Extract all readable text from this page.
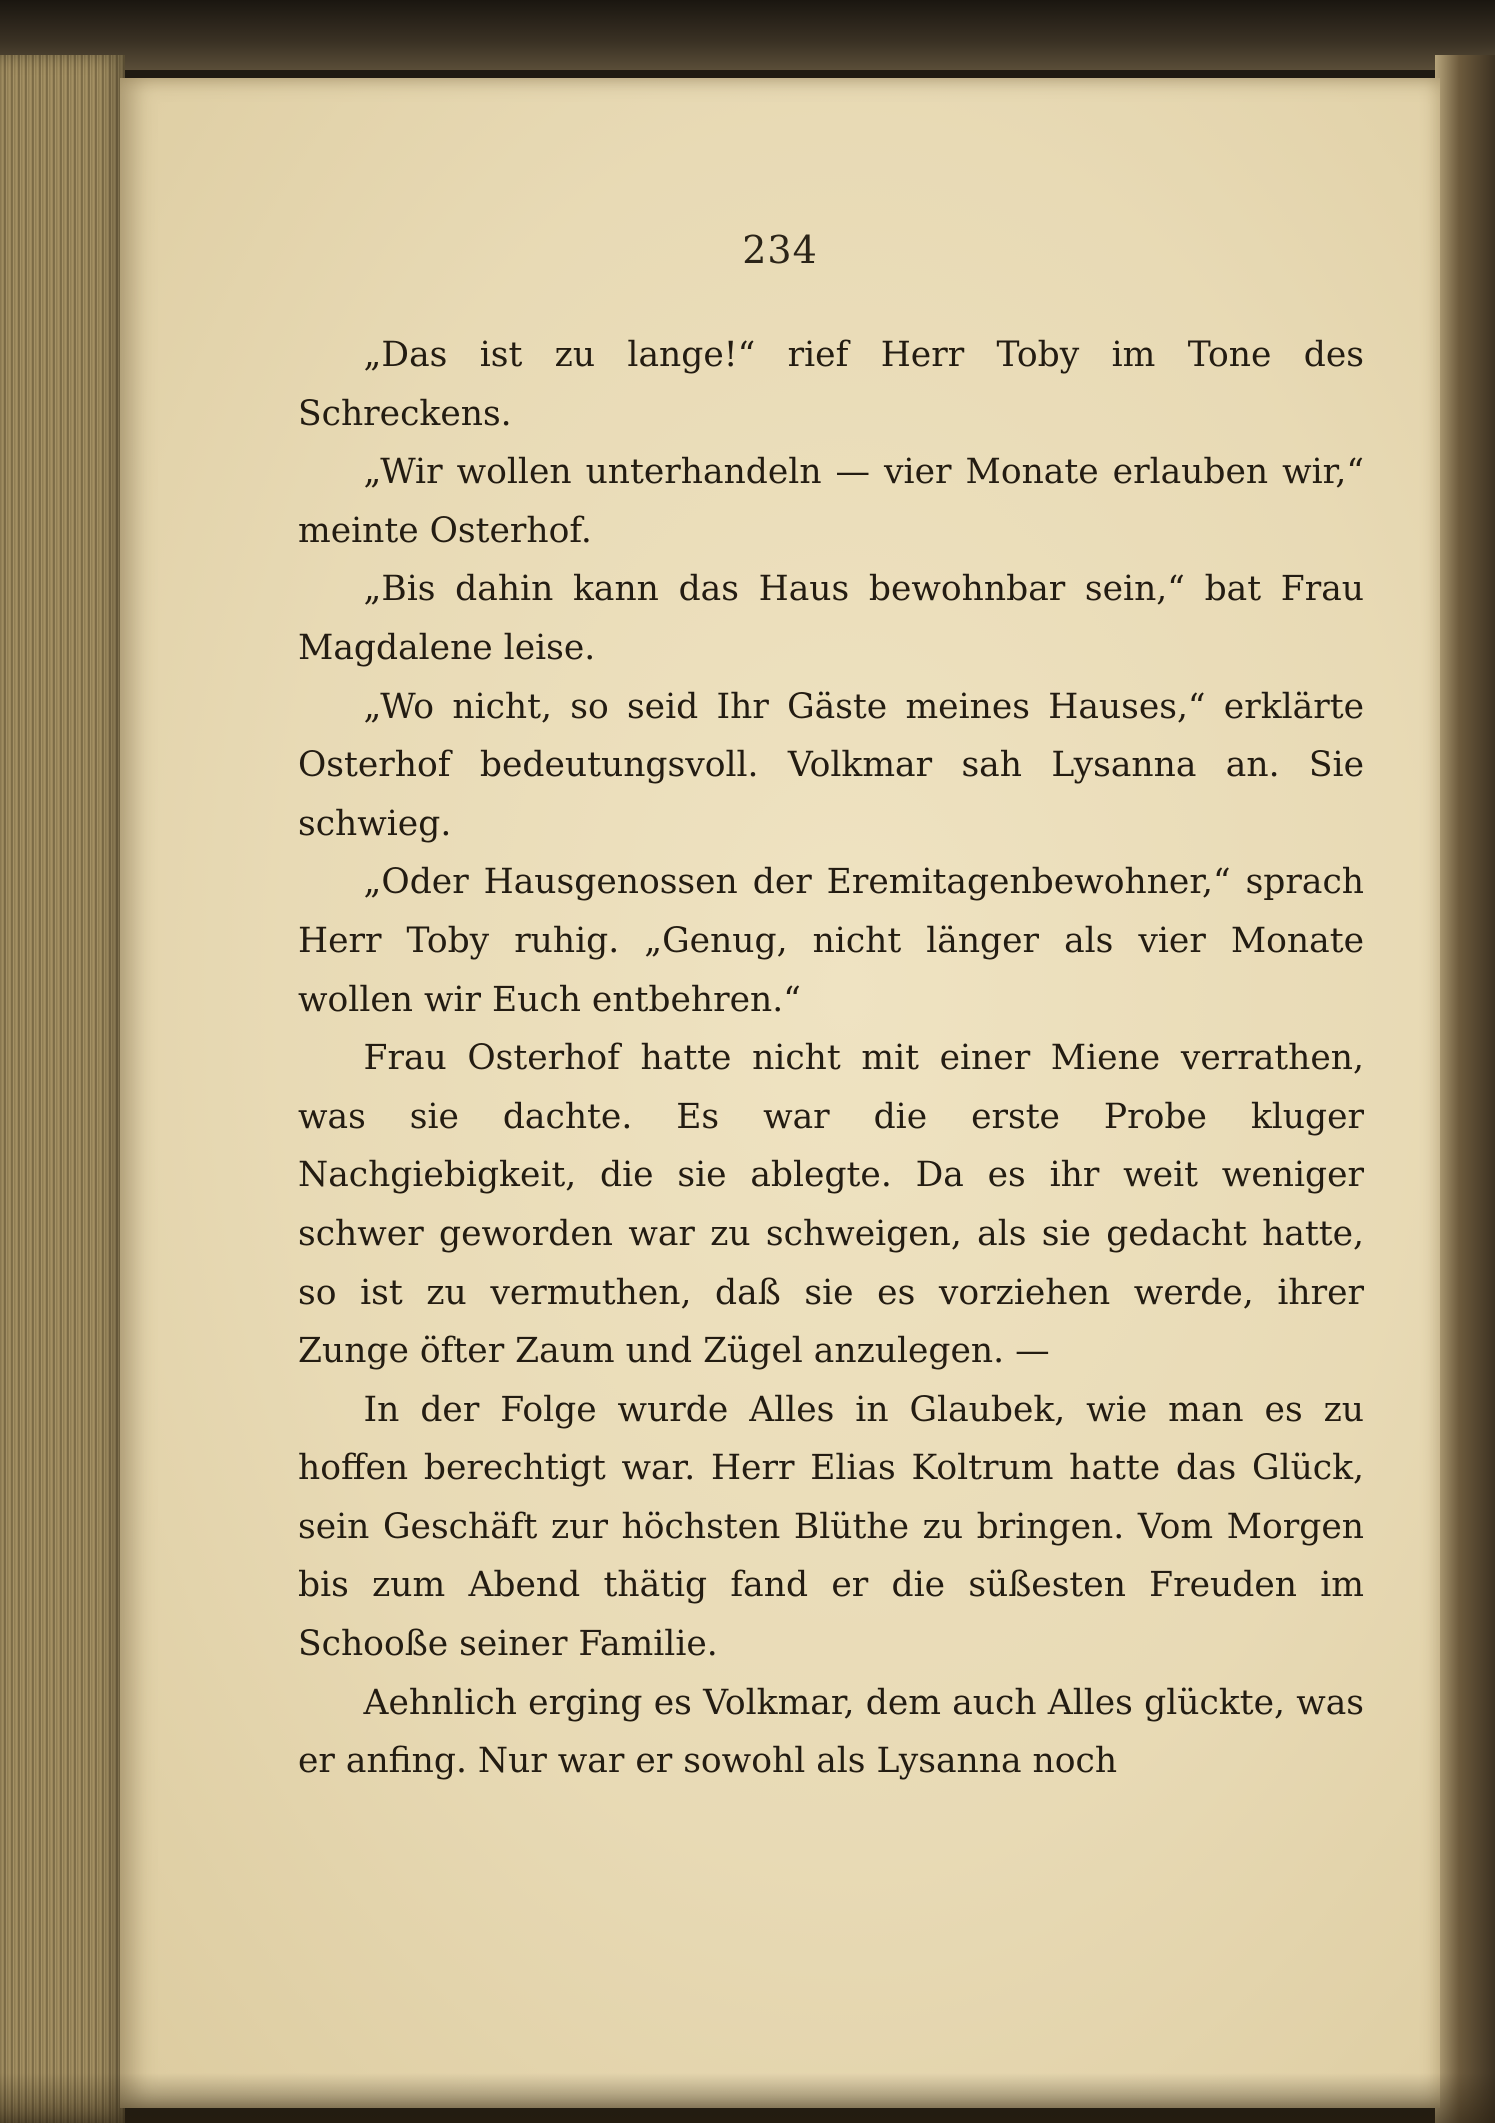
234

„Das ist zu lange!“ rief Herr Toby im Tone des Schreckens.

„Wir wollen unterhandeln — vier Monate erlauben wir,“ meinte Osterhof.

„Bis dahin kann das Haus bewohnbar sein,“ bat Frau Magdalene leise.

„Wo nicht, so seid Ihr Gäste meines Hauses,“ erklärte Osterhof bedeutungsvoll. Volkmar sah Lysanna an. Sie schwieg.

„Oder Hausgenossen der Eremitagenbewohner,“ sprach Herr Toby ruhig. „Genug, nicht länger als vier Monate wollen wir Euch entbehren.“

Frau Osterhof hatte nicht mit einer Miene verrathen, was sie dachte. Es war die erste Probe kluger Nachgiebigkeit, die sie ablegte. Da es ihr weit weniger schwer geworden war zu schweigen, als sie gedacht hatte, so ist zu vermuthen, daß sie es vorziehen werde, ihrer Zunge öfter Zaum und Zügel anzulegen. —

In der Folge wurde Alles in Glaubek, wie man es zu hoffen berechtigt war. Herr Elias Koltrum hatte das Glück, sein Geschäft zur höchsten Blüthe zu bringen. Vom Morgen bis zum Abend thätig fand er die süßesten Freuden im Schooße seiner Familie.

Aehnlich erging es Volkmar, dem auch Alles glückte, was er anfing. Nur war er sowohl als Lysanna noch
